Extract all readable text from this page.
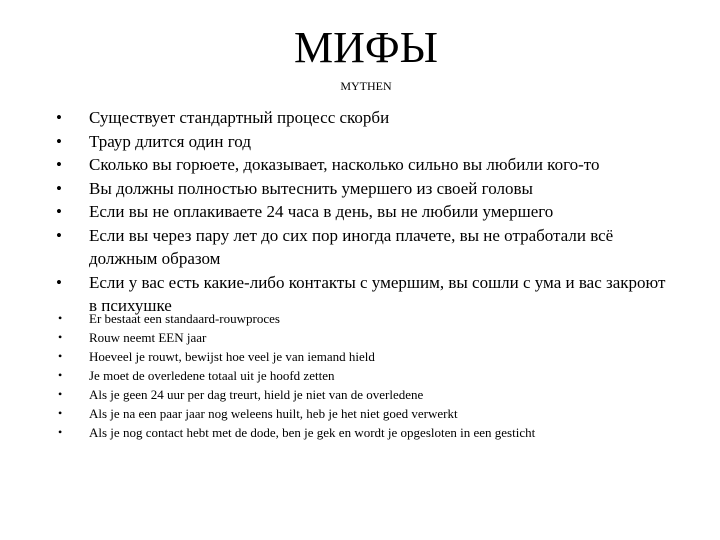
МИФЫ
MYTHEN
• Существует стандартный процесс скорби
• Траур длится один год
• Сколько вы горюете, доказывает, насколько сильно вы любили кого-то
• Вы должны полностью вытеснить умершего из своей головы
• Если вы не оплакиваете 24 часа в день, вы не любили умершего
• Если вы через пару лет до сих пор иногда плачете, вы не отработали всё должным образом
• Если у вас есть какие-либо контакты с умершим, вы сошли с ума и вас закроют в психушке
• Er bestaat een standaard-rouwproces
• Rouw neemt EEN jaar
• Hoeveel je rouwt, bewijst hoe veel je van iemand hield
• Je moet de overledene totaal uit je hoofd zetten
• Als je geen 24 uur per dag treurt, hield je niet van de overledene
• Als je na een paar jaar nog weleens huilt, heb je het niet goed verwerkt
• Als je nog contact hebt met de dode, ben je gek en wordt je opgesloten in een gesticht
